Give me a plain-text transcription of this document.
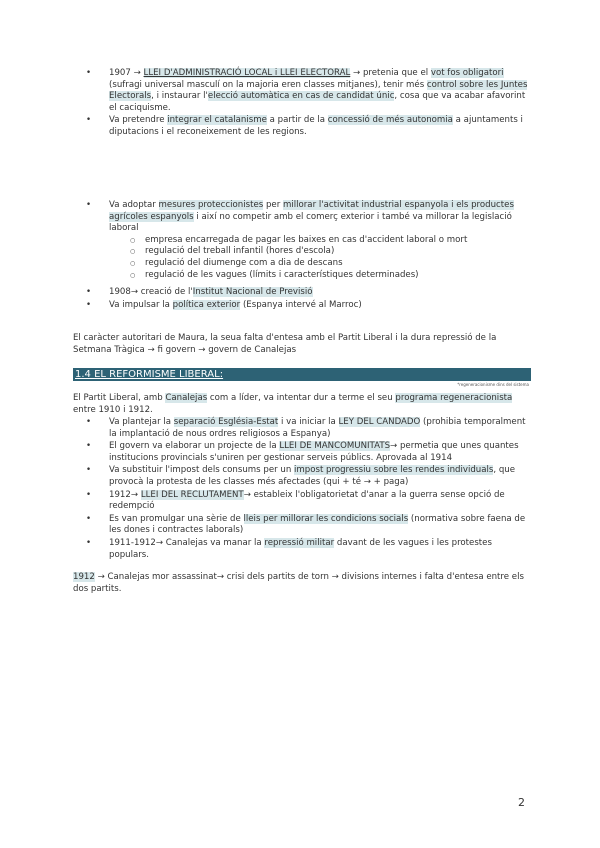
• 1907 → LLEI D'ADMINISTRACIÓ LOCAL i LLEI ELECTORAL → pretenia que el vot fos obligatori (sufragi universal masculí on la majoria eren classes mitjanes), tenir més control sobre les Juntes Electorals, i instaurar l'elecció automàtica en cas de candidat únic, cosa que va acabar afavorint el caciquisme.
• Va pretendre integrar el catalanisme a partir de la concessió de més autonomia a ajuntaments i diputacions i el reconeixement de les regions.
• Va adoptar mesures proteccionistes per millorar l'activitat industrial espanyola i els productes agrícoles espanyols i així no competir amb el comerç exterior i també va millorar la legislació laboral
○ empresa encarregada de pagar les baixes en cas d'accident laboral o mort
○ regulació del treball infantil (hores d'escola)
○ regulació del diumenge com a dia de descans
○ regulació de les vagues (límits i característiques determinades)
• 1908→ creació de l'Institut Nacional de Previsió
• Va impulsar la política exterior (Espanya intervé al Marroc)

El caràcter autoritari de Maura, la seua falta d'entesa amb el Partit Liberal i la dura repressió de la Setmana Tràgica → fi govern → govern de Canalejas

1.4 EL REFORMISME LIBERAL:
*regeneracionisme dins del sistema

El Partit Liberal, amb Canalejas com a líder, va intentar dur a terme el seu programa regeneracionista entre 1910 i 1912.

• Va plantejar la separació Església-Estat i va iniciar la LEY DEL CANDADO (prohibia temporalment la implantació de nous ordres religiosos a Espanya)
• El govern va elaborar un projecte de la LLEI DE MANCOMUNITATS→ permetia que unes quantes institucions provincials s'uniren per gestionar serveis públics. Aprovada al 1914
• Va substituir l'impost dels consums per un impost progressiu sobre les rendes individuals, que provocà la protesta de les classes més afectades (qui + té → + paga)
• 1912→ LLEI DEL RECLUTAMENT→ estableix l'obligatorietat d'anar a la guerra sense opció de redempció
• Es van promulgar una sèrie de lleis per millorar les condicions socials (normativa sobre faena de les dones i contractes laborals)
• 1911-1912→ Canalejas va manar la repressió militar davant de les vagues i les protestes populars.

1912 → Canalejas mor assassinat→ crisi dels partits de torn → divisions internes i falta d'entesa entre els dos partits.

2
